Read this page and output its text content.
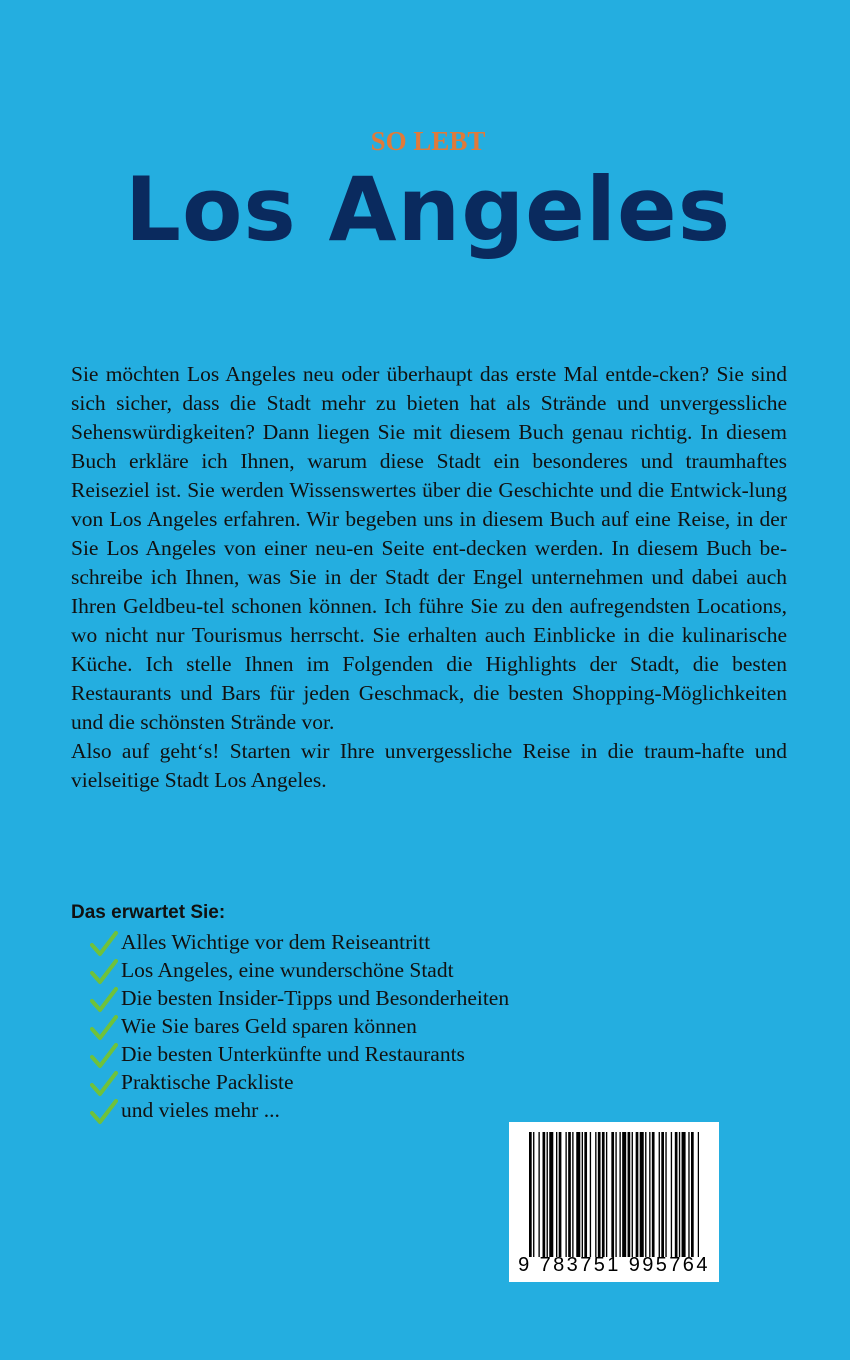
SO LEBT
Los Angeles

Sie möchten Los Angeles neu oder überhaupt das erste Mal entde-cken? Sie sind sich sicher, dass die Stadt mehr zu bieten hat als Strände und unvergessliche Sehenswürdigkeiten? Dann liegen Sie mit diesem Buch genau richtig. In diesem Buch erkläre ich Ihnen, warum diese Stadt ein besonderes und traumhaftes Reiseziel ist. Sie werden Wissenswertes über die Geschichte und die Entwick-lung von Los Angeles erfahren. Wir begeben uns in diesem Buch auf eine Reise, in der Sie Los Angeles von einer neu-en Seite ent-decken werden. In diesem Buch be-schreibe ich Ihnen, was Sie in der Stadt der Engel unternehmen und dabei auch Ihren Geldbeu-tel schonen können. Ich führe Sie zu den aufregendsten Locations, wo nicht nur Tourismus herrscht. Sie erhalten auch Einblicke in die kulinarische Küche. Ich stelle Ihnen im Folgenden die Highlights der Stadt, die besten Restaurants und Bars für jeden Geschmack, die besten Shopping-Möglichkeiten und die schönsten Strände vor.

Also auf geht‘s! Starten wir Ihre unvergessliche Reise in die traum-hafte und vielseitige Stadt Los Angeles.

Das erwartet Sie:
Alles Wichtige vor dem Reiseantritt
Los Angeles, eine wunderschöne Stadt
Die besten Insider-Tipps und Besonderheiten
Wie Sie bares Geld sparen können
Die besten Unterkünfte und Restaurants
Praktische Packliste
und vieles mehr ...
9 783751 995764
